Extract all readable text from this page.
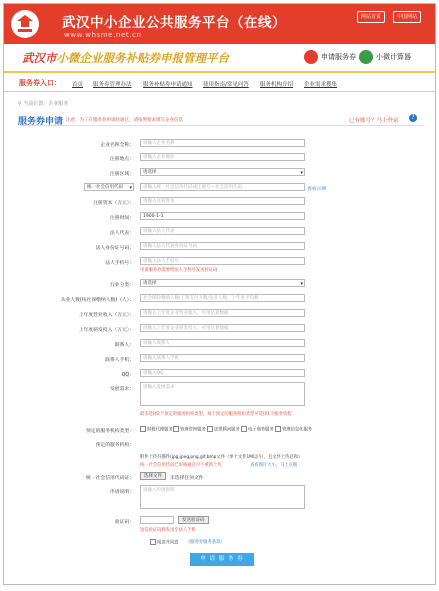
武汉中小企业公共服务平台（在线）
www.whsme.net.cn
网站首页	中国网站
武汉市小微企业服务补贴券申报管理平台	申请服务券	小微计算器
服务券入口： 首页 服务券管理办法 服务补贴券申请通知 使用指南/常见问答 服务机构介绍 企业需求搜集
⚲ 当前位置：企业服务
服务券申请 注意：为了在服务券申请时通过，请按照要求填写企业信息	已有账号？马上登录	?
企业名称全称：	请输入企业名称
注册地点：	请输入企业地址
注册区域：	请选择 ▾
统一社会信用代码 ▾	请输入统一社会信用代码或注册号—社会信用代码	查看示例
注册资本（万元）：	请输入注册资本
注册时间：	1900-1-1
法人代表：	请输入法人代表
法人身份证号码：	请输入法人代表身份证号码
法人手机号：	请输入法人手机号
申请服务券需要给法人手机号发送验证码
行业分类：	请选择 ▾
从业人数(按社保缴纳人数)（人）：	社会保险缴纳人数/工资支付人数/从业人数，上年度平均数
上年度营业收入（万元）：	请输入上年度企业营业收入，可用估算数据
上年度研发投入（万元）：	请输入上年度企业研发投入，可用估算数据
联系人：	请输入联系人
联系人手机：	请输入联系人手机
QQ：	请输入QQ
发展需求：	请输入发展需求
最多选择2个预定的服务机构类型，每个预定的服务机构类型可选择1个服务机构
预定的服务机构类型：	财税代理服务	管理咨询服务	法律顾问服务	电子商务服务	管理信息化服务
预定的服务机构：
附件上传扫描件(jpg,jpeg,png,gif,bmp文件（单个文件1M以内），且文件上传总和）
统一社会信用代码已审核通过可不重新上传	查看图片大小，马上压缩
统一社会信用代码证：	选择文件	未选择任何文件
申请说明：	请输入申请说明
验证码：	发送验证码
短信验证码将发送至法人手机
阅读并同意 《服务券服务条款》
申 请 服 务 券
